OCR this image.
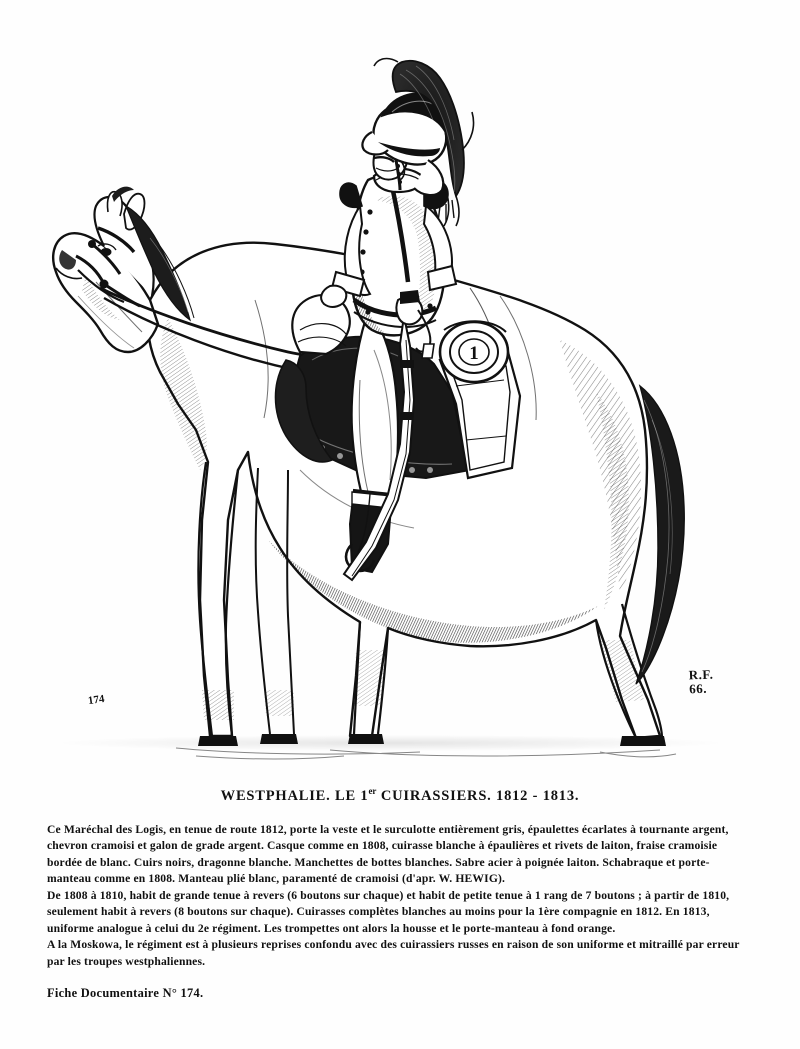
1
174
R.F.
66.
WESTPHALIE. LE 1er CUIRASSIERS. 1812 - 1813.

Ce Maréchal des Logis, en tenue de route 1812, porte la veste et le surculotte entièrement gris, épaulettes écarlates à tournante argent, chevron cramoisi et galon de grade argent. Casque comme en 1808, cuirasse blanche à épaulières et rivets de laiton, fraise cramoisie bordée de blanc. Cuirs noirs, dragonne blanche. Manchettes de bottes blanches. Sabre acier à poignée laiton. Schabraque et porte-manteau comme en 1808. Manteau plié blanc, paramenté de cramoisi (d'apr. W. HEWIG).

De 1808 à 1810, habit de grande tenue à revers (6 boutons sur chaque) et habit de petite tenue à 1 rang de 7 boutons ; à partir de 1810, seulement habit à revers (8 boutons sur chaque). Cuirasses complètes blanches au moins pour la 1ère compagnie en 1812. En 1813, uniforme analogue à celui du 2e régiment. Les trompettes ont alors la housse et le porte-manteau à fond orange.

A la Moskowa, le régiment est à plusieurs reprises confondu avec des cuirassiers russes en raison de son uniforme et mitraillé par erreur par les troupes westphaliennes.

Fiche Documentaire N° 174.
